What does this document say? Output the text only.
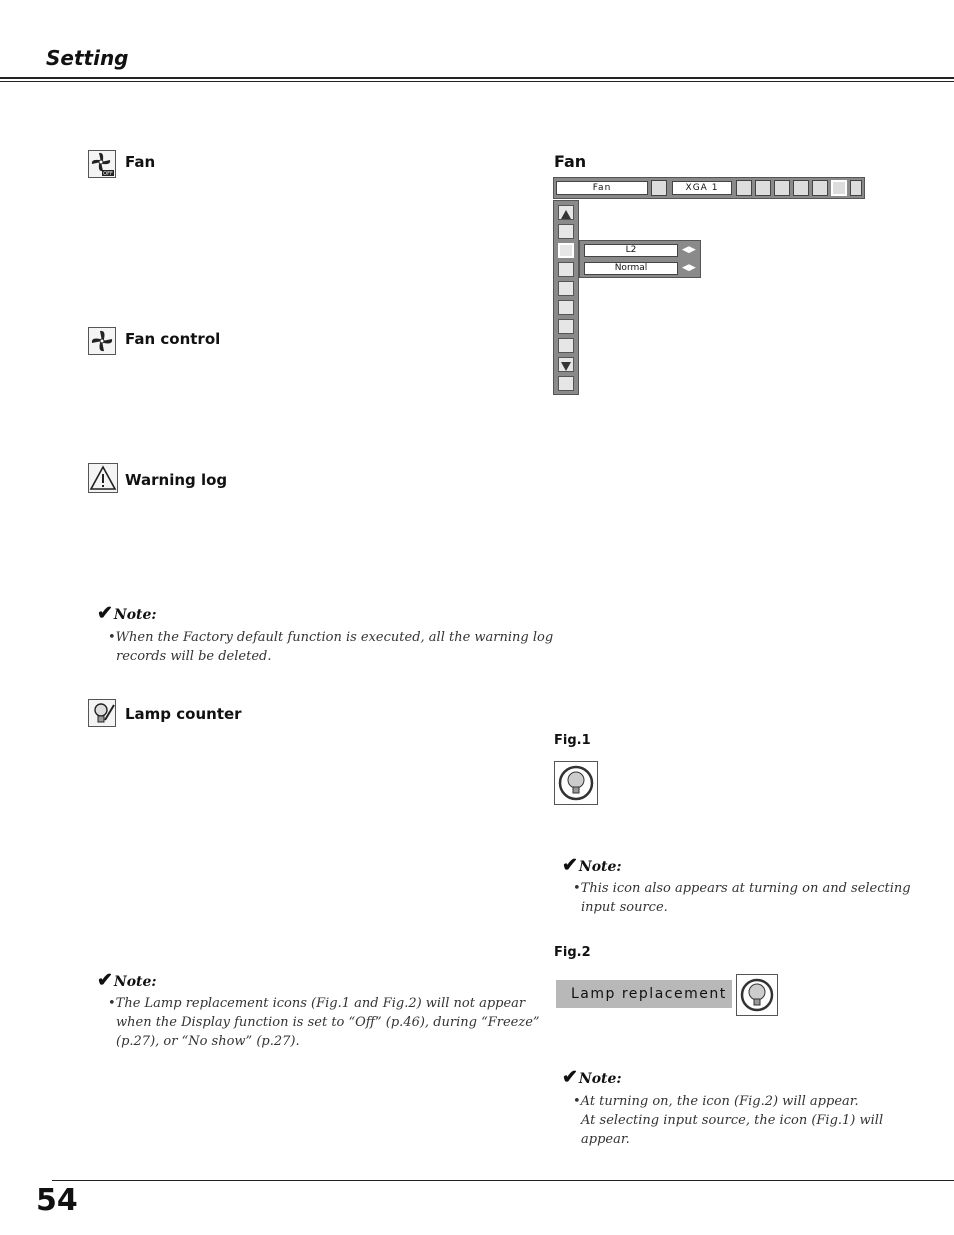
Setting
OFF
Fan
Fan control
Warning log
✔Note:
•When the Factory default function is executed, all the warning log
records will be deleted.
Lamp counter
✔Note:
•The Lamp replacement icons (Fig.1 and Fig.2) will not appear
when the Display function is set to “Off” (p.46), during “Freeze”
(p.27), or “No show” (p.27).
Fan
Fan	XGA 1
L2	◀▶
Normal	◀▶
Fig.1
✔Note:
•This icon also appears at turning on and selecting
input source.
Fig.2
Lamp replacement
✔Note:
•At turning on, the icon (Fig.2) will appear.
At selecting input source, the icon (Fig.1) will
appear.
54
